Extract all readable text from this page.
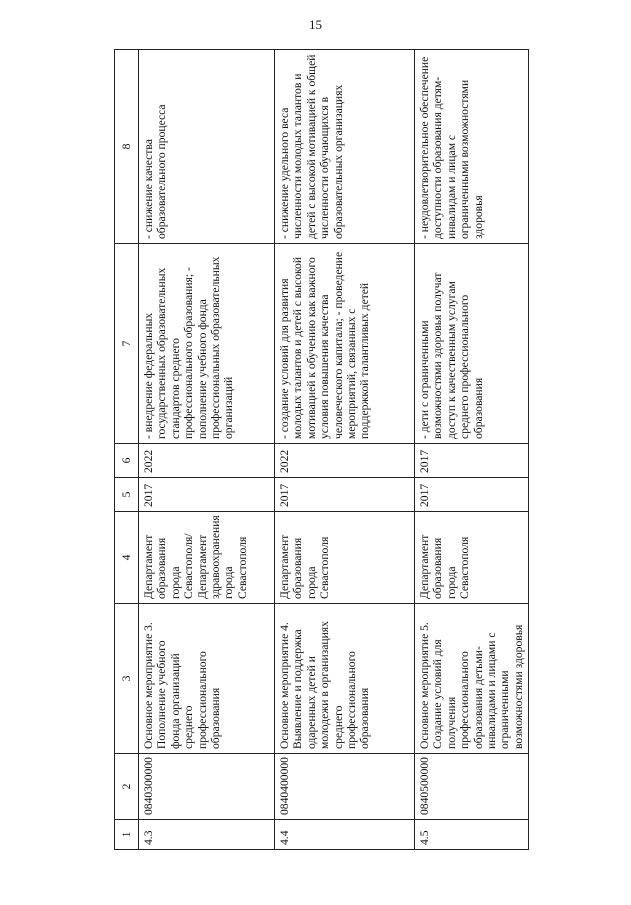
15
1	2	3	4	5	6	7	8
4.3	0840300000	Основное мероприятие 3. Пополнение учебного фонда организаций среднего профессионального образования	Департамент образования города Севастополя/ Департамент здравоохранения города Севастополя	2017	2022	- внедрение федеральных государственных образовательных стандартов среднего профессионального образования; - пополнение учебного фонда профессиональных образовательных организаций	- снижение качества образовательного процесса
4.4	0840400000	Основное мероприятие 4. Выявление и поддержка одаренных детей и молодежи в организациях среднего профессионального образования	Департамент образования города Севастополя	2017	2022	- создание условий для развития молодых талантов и детей с высокой мотивацией к обучению как важного условия повышения качества человеческого капитала; - проведение мероприятий, связанных с поддержкой талантливых детей	- снижение удельного веса численности молодых талантов и детей с высокой мотивацией к общей численности обучающихся в образовательных организациях
4.5	0840500000	Основное мероприятие 5. Создание условий для получения профессионального образования детьми-инвалидами и лицами с ограниченными возможностями здоровья	Департамент образования города Севастополя	2017	2017	- дети с ограниченными возможностями здоровья получат доступ к качественным услугам среднего профессионального образования	- неудовлетворительное обеспечение доступности образования детям-инвалидам и лицам с ограниченными возможностями здоровья
